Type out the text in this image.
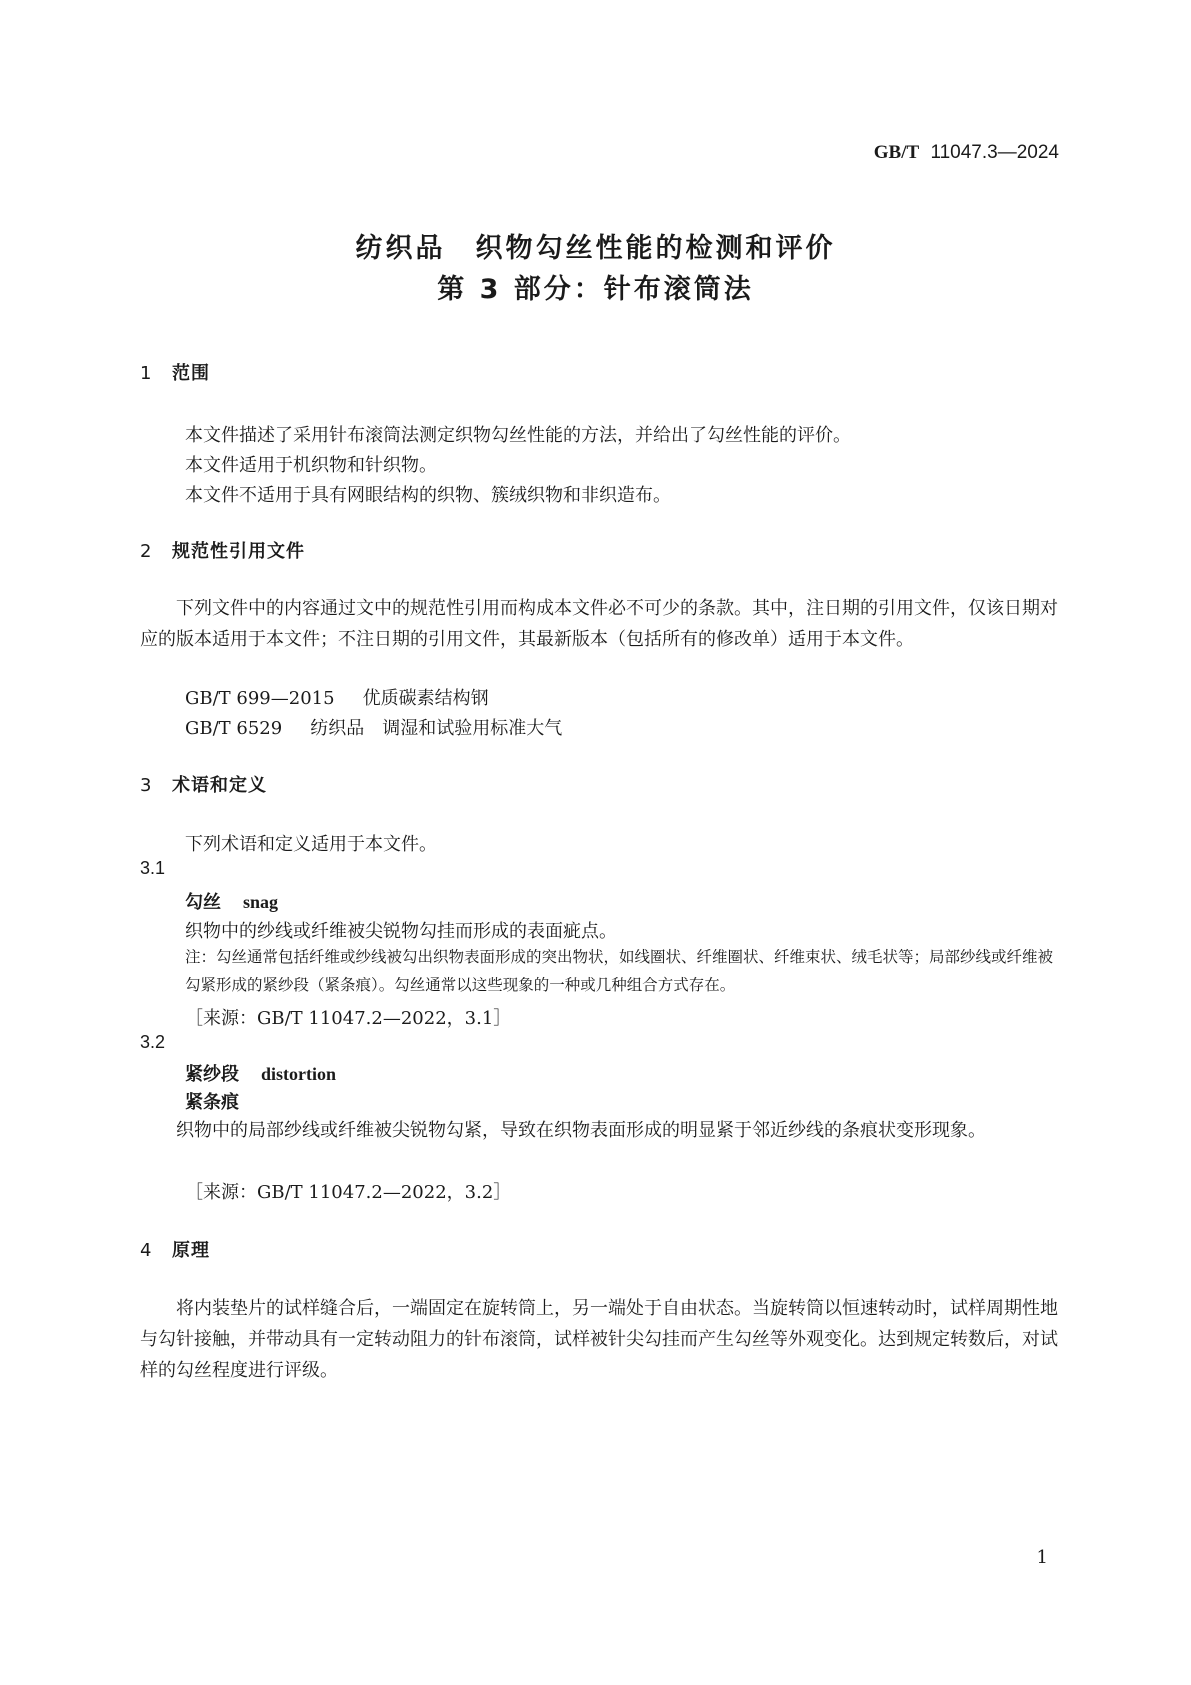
GB/T 11047.3—2024
纺织品　织物勾丝性能的检测和评价
第 3 部分：针布滚筒法
1 范围
本文件描述了采用针布滚筒法测定织物勾丝性能的方法，并给出了勾丝性能的评价。
本文件适用于机织物和针织物。
本文件不适用于具有网眼结构的织物、簇绒织物和非织造布。
2 规范性引用文件
下列文件中的内容通过文中的规范性引用而构成本文件必不可少的条款。其中，注日期的引用文件，仅该日期对应的版本适用于本文件；不注日期的引用文件，其最新版本（包括所有的修改单）适用于本文件。
GB/T 699—2015 优质碳素结构钢
GB/T 6529 纺织品　调湿和试验用标准大气
3 术语和定义
下列术语和定义适用于本文件。
3.1
勾丝 snag
织物中的纱线或纤维被尖锐物勾挂而形成的表面疵点。
注：勾丝通常包括纤维或纱线被勾出织物表面形成的突出物状，如线圈状、纤维圈状、纤维束状、绒毛状等；局部纱线或纤维被勾紧形成的紧纱段（紧条痕）。勾丝通常以这些现象的一种或几种组合方式存在。
［来源：GB/T 11047.2—2022，3.1］
3.2
紧纱段 distortion
紧条痕
织物中的局部纱线或纤维被尖锐物勾紧，导致在织物表面形成的明显紧于邻近纱线的条痕状变形现象。
［来源：GB/T 11047.2—2022，3.2］
4 原理
将内装垫片的试样缝合后，一端固定在旋转筒上，另一端处于自由状态。当旋转筒以恒速转动时，试样周期性地与勾针接触，并带动具有一定转动阻力的针布滚筒，试样被针尖勾挂而产生勾丝等外观变化。达到规定转数后，对试样的勾丝程度进行评级。
1
